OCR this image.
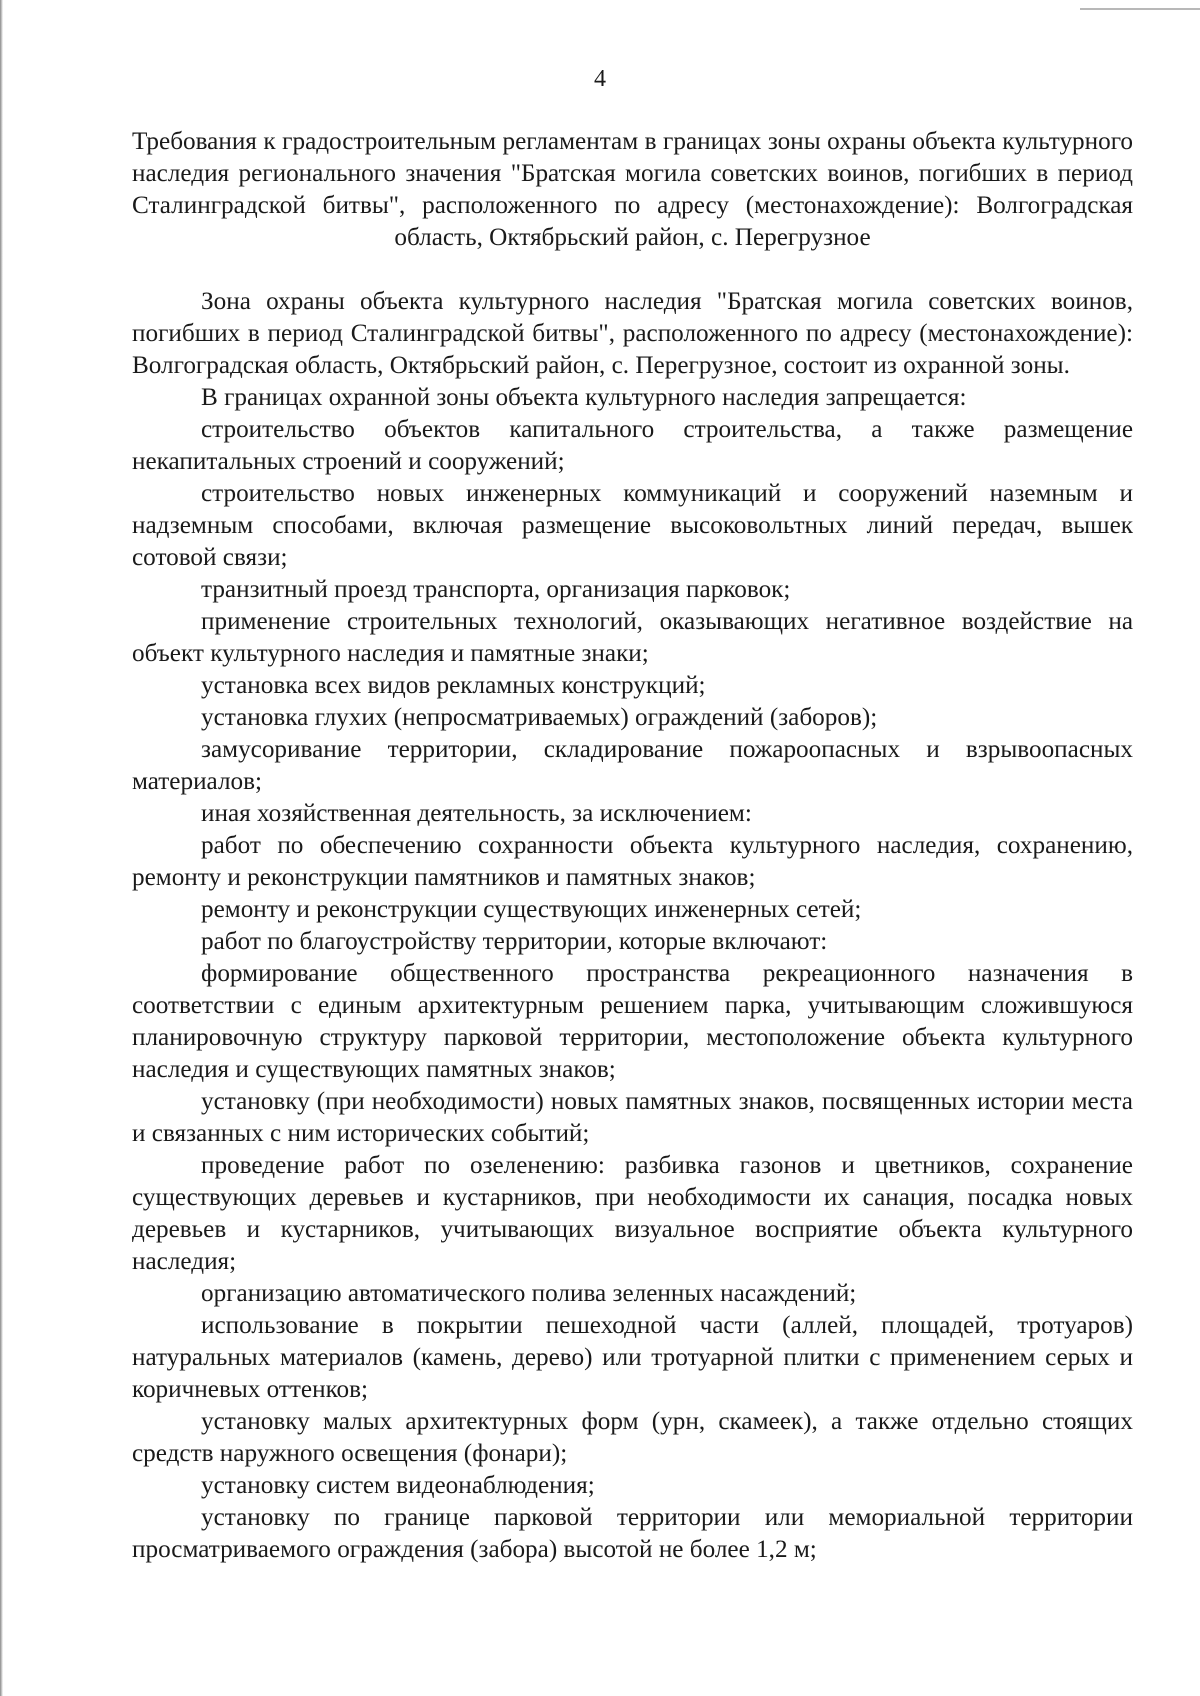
4

Требования к градостроительным регламентам в границах зоны охраны объекта культурного наследия регионального значения "Братская могила советских воинов, погибших в период Сталинградской битвы", расположенного по адресу (местонахождение): Волгоградская область, Октябрьский район, с. Перегрузное

Зона охраны объекта культурного наследия "Братская могила советских воинов, погибших в период Сталинградской битвы", расположенного по адресу (местонахождение): Волгоградская область, Октябрьский район, с. Перегрузное, состоит из охранной зоны.

В границах охранной зоны объекта культурного наследия запрещается:

строительство объектов капитального строительства, а также размещение некапитальных строений и сооружений;

строительство новых инженерных коммуникаций и сооружений наземным и надземным способами, включая размещение высоковольтных линий передач, вышек сотовой связи;

транзитный проезд транспорта, организация парковок;

применение строительных технологий, оказывающих негативное воздействие на объект культурного наследия и памятные знаки;

установка всех видов рекламных конструкций;

установка глухих (непросматриваемых) ограждений (заборов);

замусоривание территории, складирование пожароопасных и взрывоопасных материалов;

иная хозяйственная деятельность, за исключением:

работ по обеспечению сохранности объекта культурного наследия, сохранению, ремонту и реконструкции памятников и памятных знаков;

ремонту и реконструкции существующих инженерных сетей;

работ по благоустройству территории, которые включают:

формирование общественного пространства рекреационного назначения в соответствии с единым архитектурным решением парка, учитывающим сложившуюся планировочную структуру парковой территории, местоположение объекта культурного наследия и существующих памятных знаков;

установку (при необходимости) новых памятных знаков, посвященных истории места и связанных с ним исторических событий;

проведение работ по озеленению: разбивка газонов и цветников, сохранение существующих деревьев и кустарников, при необходимости их санация, посадка новых деревьев и кустарников, учитывающих визуальное восприятие объекта культурного наследия;

организацию автоматического полива зеленных насаждений;

использование в покрытии пешеходной части (аллей, площадей, тротуаров) натуральных материалов (камень, дерево) или тротуарной плитки с применением серых и коричневых оттенков;

установку малых архитектурных форм (урн, скамеек), а также отдельно стоящих средств наружного освещения (фонари);

установку систем видеонаблюдения;

установку по границе парковой территории или мемориальной территории просматриваемого ограждения (забора) высотой не более 1,2 м;
